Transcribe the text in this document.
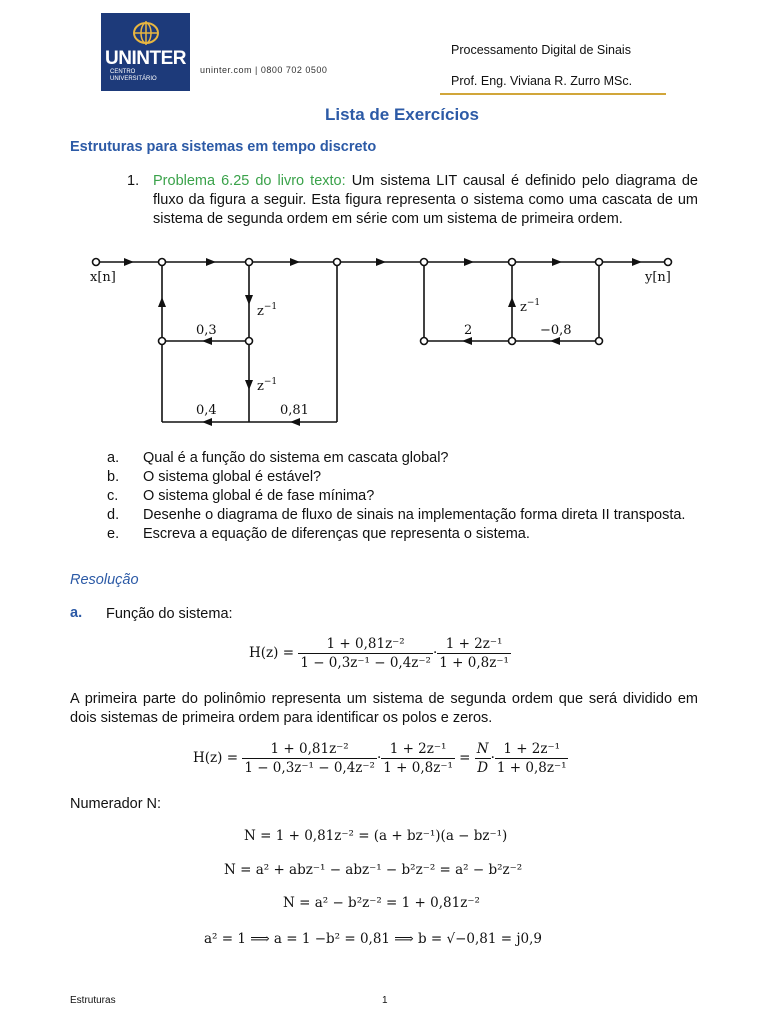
UNINTER
CENTRO
UNIVERSITÁRIO
uninter.com | 0800 702 0500
Processamento Digital de Sinais
Prof. Eng. Viviana R. Zurro MSc.
Lista de Exercícios
Estruturas para sistemas em tempo discreto
1. Problema 6.25 do livro texto: Um sistema LIT causal é definido pelo diagrama de fluxo da figura a seguir. Esta figura representa o sistema como uma cascata de um sistema de segunda ordem em série com um sistema de primeira ordem.
x[n]	y[n]
$z^{-1}$
$z^{-1}$
$z^{-1}$
0,3
0,4	0,81
2	−0,8
a.	Qual é a função do sistema em cascata global?
b.	O sistema global é estável?
c.	O sistema global é de fase mínima?
d.	Desenhe o diagrama de fluxo de sinais na implementação forma direta II transposta.
e.	Escreva a equação de diferenças que representa o sistema.
Resolução
a. Função do sistema:
$H(z) = \frac{\text{1 + 0,81z⁻²}}{\text{1 − 0,3z⁻¹ − 0,4z⁻²}} \cdot \frac{\text{1 + 2z⁻¹}}{\text{1 + 0,8z⁻¹}}$
A primeira parte do polinômio representa um sistema de segunda ordem que será dividido em dois sistemas de primeira ordem para identificar os polos e zeros.
$H(z) = \frac{\text{1 + 0,81z⁻²}}{\text{1 − 0,3z⁻¹ − 0,4z⁻²}} \cdot \frac{\text{1 + 2z⁻¹}}{\text{1 + 0,8z⁻¹}} = \frac{N}{D} \cdot \frac{\text{1 + 2z⁻¹}}{\text{1 + 0,8z⁻¹}}$
Numerador N:
N = 1 + 0,81z⁻² = (a + bz⁻¹)(a − bz⁻¹)
N = a² + abz⁻¹ − abz⁻¹ − b²z⁻² = a² − b²z⁻²
N = a² − b²z⁻² = 1 + 0,81z⁻²
a² = 1 ⟹ a = 1 −b² = 0,81 ⟹ b = √−0,81 = j0,9
Estruturas	1
